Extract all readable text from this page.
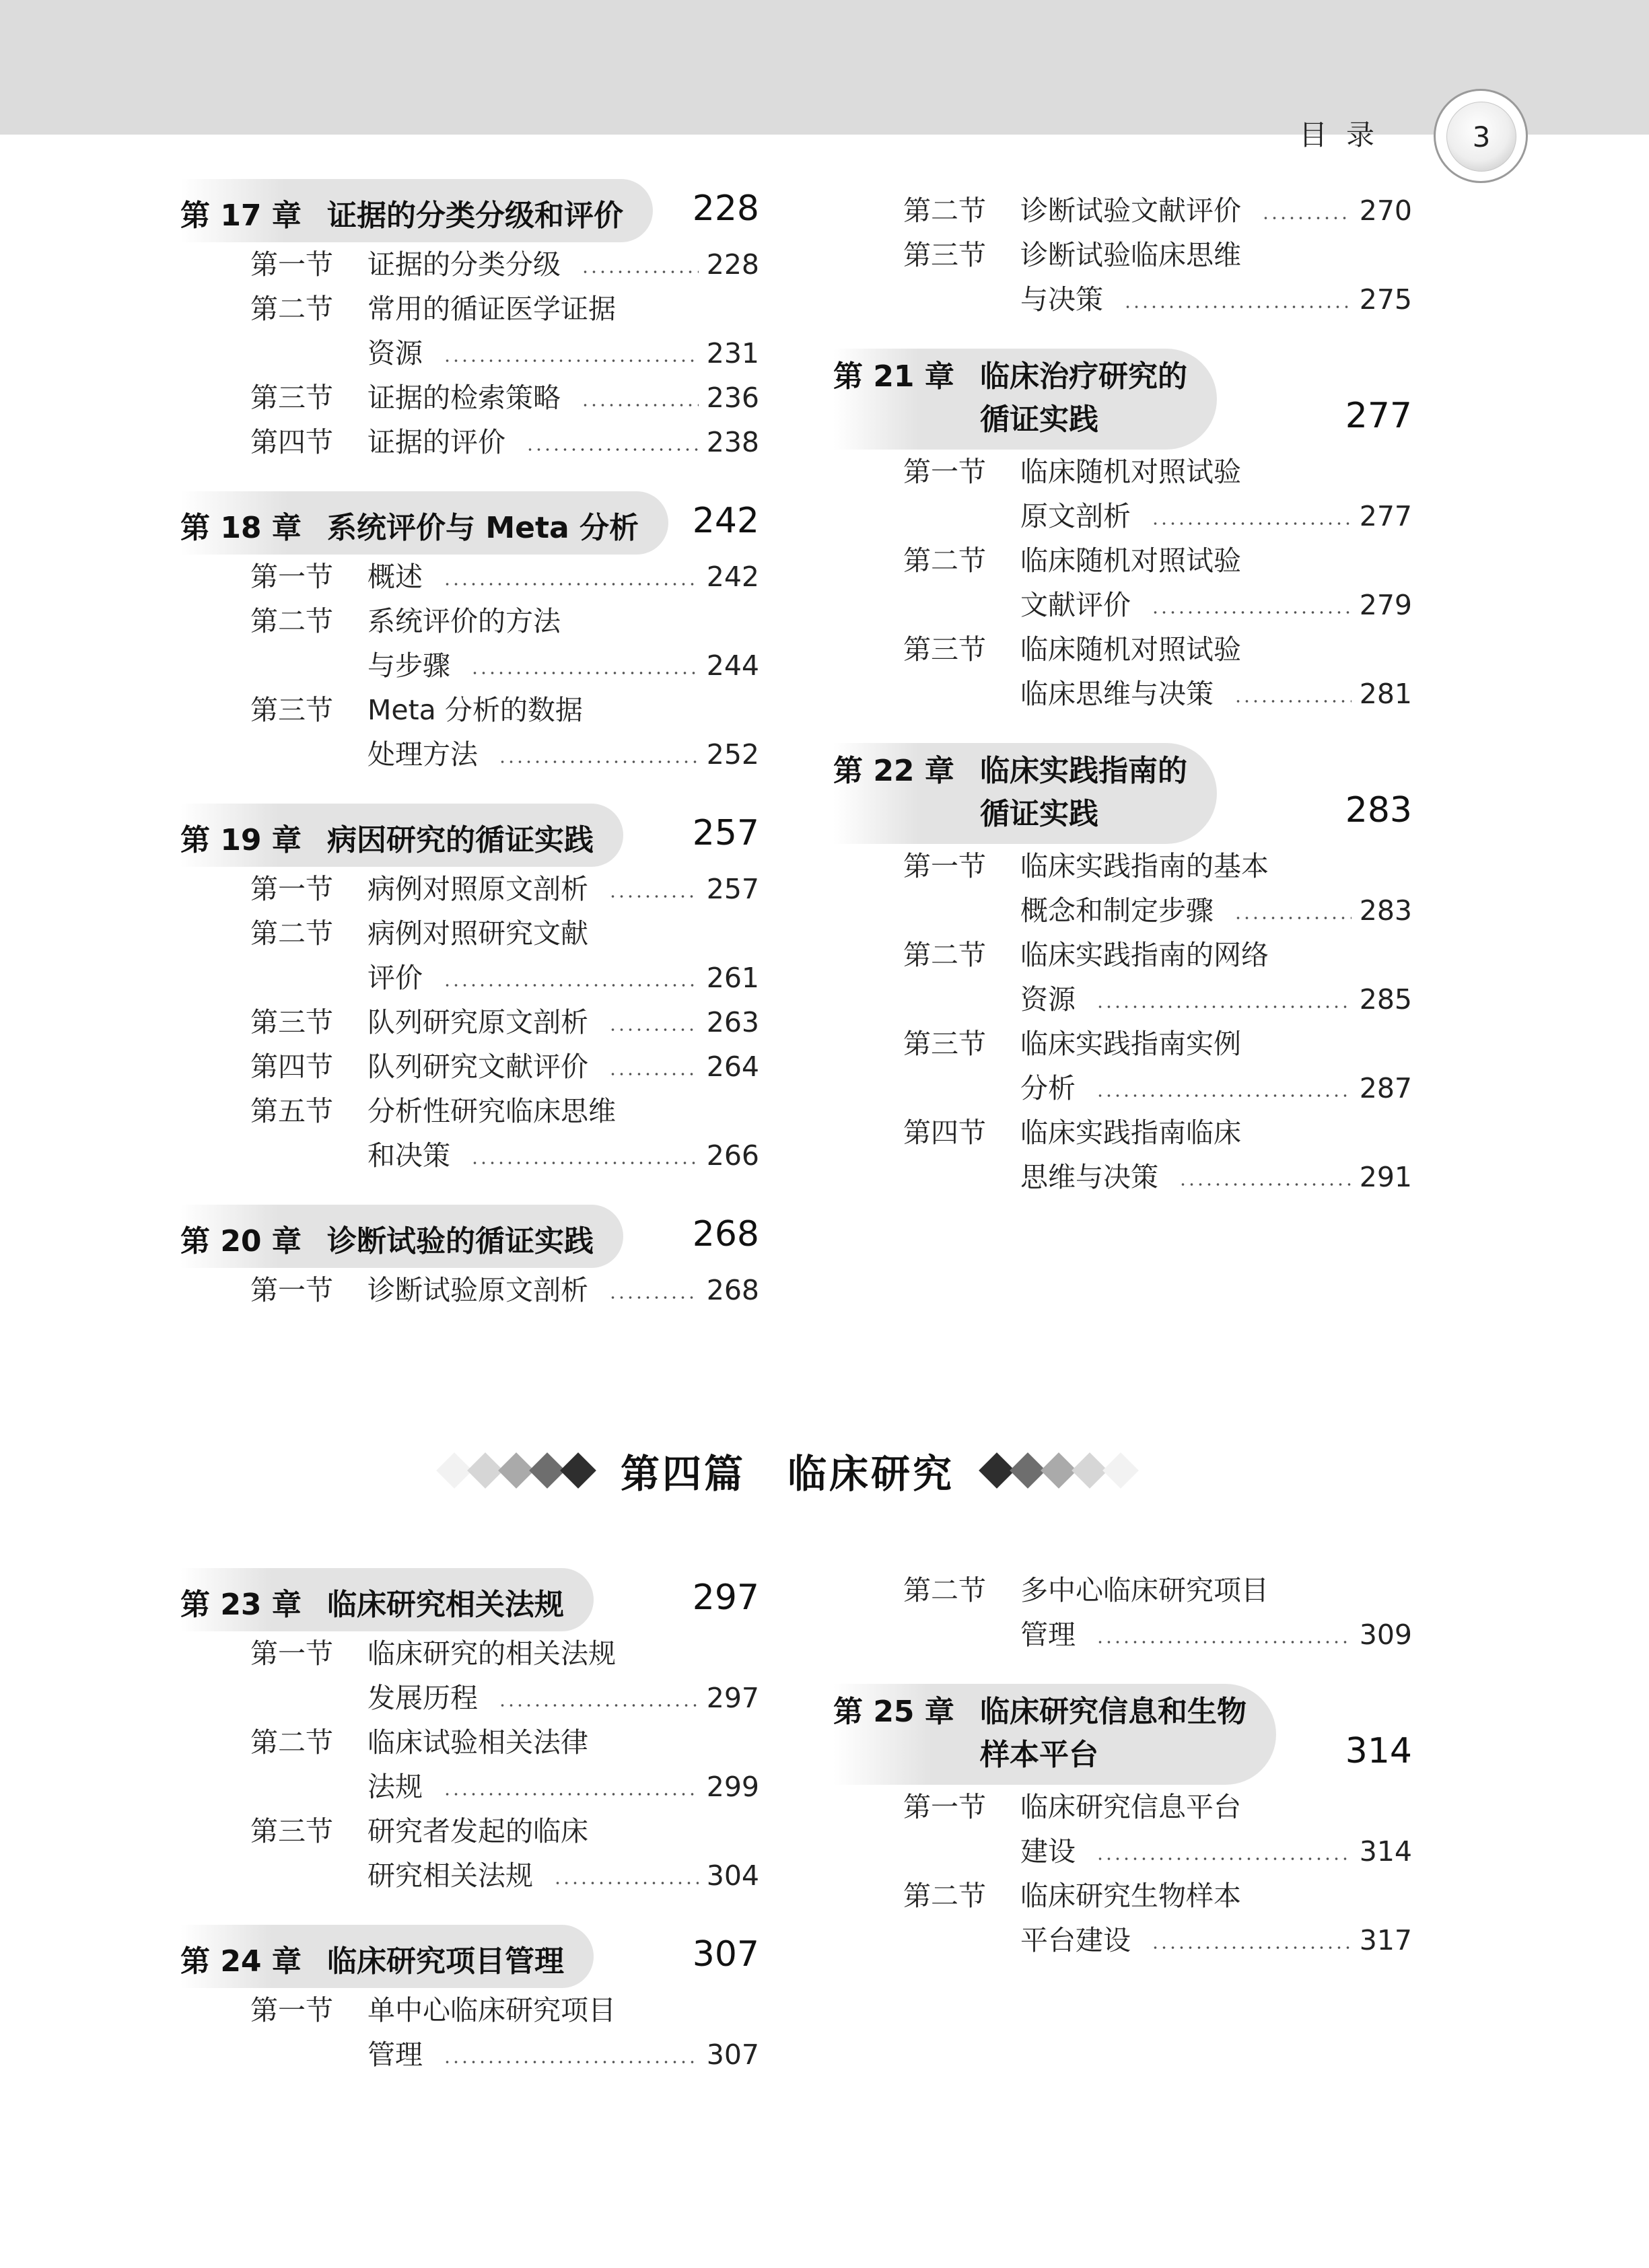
目录	3
第 17 章 证据的分类分级和评价	228
第一节 证据的分类分级	228
第二节 常用的循证医学证据
资源	231
第三节 证据的检索策略	236
第四节 证据的评价	238
第 18 章 系统评价与 Meta 分析	242
第一节 概述	242
第二节 系统评价的方法
与步骤	244
第三节 Meta 分析的数据
处理方法	252
第 19 章 病因研究的循证实践	257
第一节 病例对照原文剖析	257
第二节 病例对照研究文献
评价	261
第三节 队列研究原文剖析	263
第四节 队列研究文献评价	264
第五节 分析性研究临床思维
和决策	266
第 20 章 诊断试验的循证实践	268
第一节 诊断试验原文剖析	268
第二节 诊断试验文献评价	270
第三节 诊断试验临床思维
与决策	275
第 21 章 临床治疗研究的
循证实践	277
第一节 临床随机对照试验
原文剖析	277
第二节 临床随机对照试验
文献评价	279
第三节 临床随机对照试验
临床思维与决策	281
第 22 章 临床实践指南的
循证实践	283
第一节 临床实践指南的基本
概念和制定步骤	283
第二节 临床实践指南的网络
资源	285
第三节 临床实践指南实例
分析	287
第四节 临床实践指南临床
思维与决策	291
第四篇　临床研究
第 23 章 临床研究相关法规	297
第一节 临床研究的相关法规
发展历程	297
第二节 临床试验相关法律
法规	299
第三节 研究者发起的临床
研究相关法规	304
第 24 章 临床研究项目管理	307
第一节 单中心临床研究项目
管理	307
第二节 多中心临床研究项目
管理	309
第 25 章 临床研究信息和生物
样本平台	314
第一节 临床研究信息平台
建设	314
第二节 临床研究生物样本
平台建设	317
